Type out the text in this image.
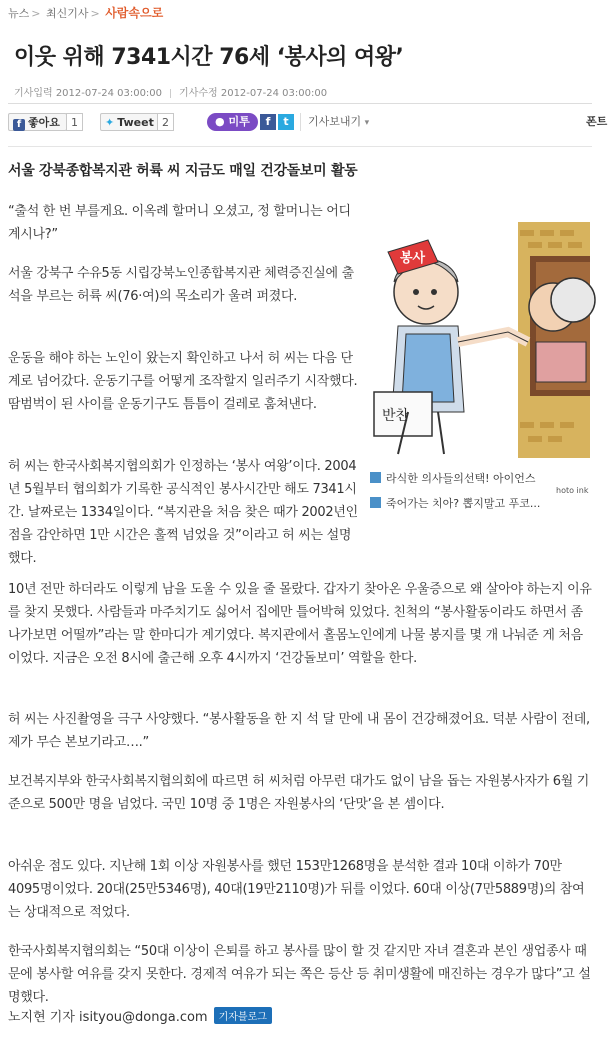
뉴스 > 최신기사 > 사람속으로
이웃 위해 7341시간 76세 ‘봉사의 여왕’
기사입력 2012-07-24 03:00:00 기사수정 2012-07-24 03:00:00
f 좋아요	1	✦ Tweet 2	● 미투	f	t	기사보내기 ▾	폰트
서울 강북종합복지관 허륙 씨 지금도 매일 건강돌보미 활동
봉사
반찬
라식한 의사들의선택! 아이언스
죽어가는 치아? 뽑지말고 푸코...
hoto ink

“출석 한 번 부를게요. 이옥례 할머니 오셨고, 정 할머니는 어디 계시나?”

서울 강북구 수유5동 시립강북노인종합복지관 체력증진실에 출석을 부르는 허륙 씨(76·여)의 목소리가 울려 퍼졌다.

운동을 해야 하는 노인이 왔는지 확인하고 나서 허 씨는 다음 단계로 넘어갔다. 운동기구를 어떻게 조작할지 일러주기 시작했다. 땀범벅이 된 사이를 운동기구도 틈틈이 걸레로 훔쳐낸다.

허 씨는 한국사회복지협의회가 인정하는 ‘봉사 여왕’이다. 2004년 5월부터 협의회가 기록한 공식적인 봉사시간만 해도 7341시간. 날짜로는 1334일이다. “복지관을 처음 찾은 때가 2002년인 점을 감안하면 1만 시간은 훌쩍 넘었을 것”이라고 허 씨는 설명했다.

10년 전만 하더라도 이렇게 남을 도울 수 있을 줄 몰랐다. 갑자기 찾아온 우울증으로 왜 살아야 하는지 이유를 찾지 못했다. 사람들과 마주치기도 싫어서 집에만 틀어박혀 있었다. 친척의 “봉사활동이라도 하면서 좀 나가보면 어떨까”라는 말 한마디가 계기였다. 복지관에서 홀몸노인에게 나물 봉지를 몇 개 나눠준 게 처음이었다. 지금은 오전 8시에 출근해 오후 4시까지 ‘건강돌보미’ 역할을 한다.

허 씨는 사진촬영을 극구 사양했다. “봉사활동을 한 지 석 달 만에 내 몸이 건강해졌어요. 덕분 사람이 전데, 제가 무슨 본보기라고….”

보건복지부와 한국사회복지협의회에 따르면 허 씨처럼 아무런 대가도 없이 남을 돕는 자원봉사자가 6월 기준으로 500만 명을 넘었다. 국민 10명 중 1명은 자원봉사의 ‘단맛’을 본 셈이다.

아쉬운 점도 있다. 지난해 1회 이상 자원봉사를 했던 153만1268명을 분석한 결과 10대 이하가 70만4095명이었다. 20대(25만5346명), 40대(19만2110명)가 뒤를 이었다. 60대 이상(7만5889명)의 참여는 상대적으로 적었다.

한국사회복지협의회는 “50대 이상이 은퇴를 하고 봉사를 많이 할 것 같지만 자녀 결혼과 본인 생업종사 때문에 봉사할 여유를 갖지 못한다. 경제적 여유가 되는 쪽은 등산 등 취미생활에 매진하는 경우가 많다”고 설명했다.

노지현 기자 isityou@donga.com 기자블로그
